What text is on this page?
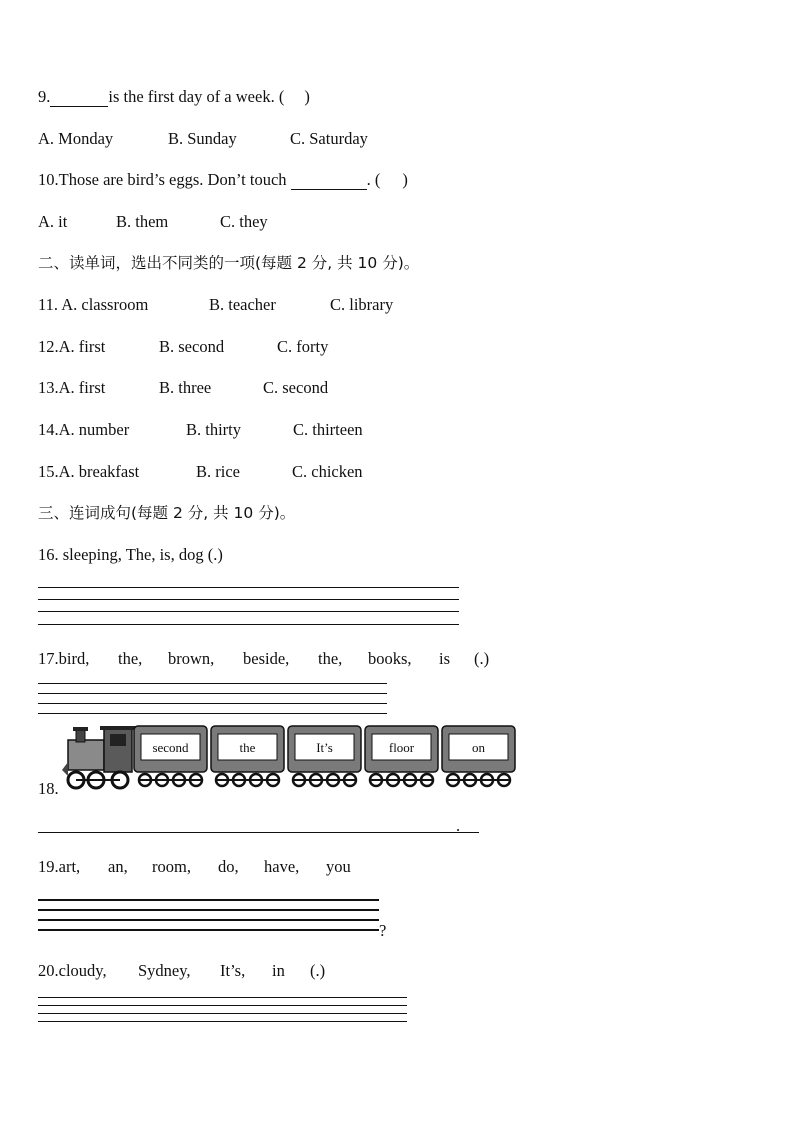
9.	is the first day of a week. ( )
A. Monday	B. Sunday	C. Saturday
10.Those are bird’s eggs. Don’t touch	. ( )
A. it	B. them	C. they
二、读单词，选出不同类的一项(每题 2 分, 共 10 分)。
11. A. classroom	B. teacher	C. library
12.A. first	B. second	C. forty
13.A. first	B. three	C. second
14.A. number	B. thirty	C. thirteen
15.A. breakfast	B. rice	C. chicken
三、连词成句(每题 2 分, 共 10 分)。
16. sleeping, The, is, dog (.)
17.bird, the, brown, beside, the, books, is (.)
second	the	It’s	floor	on
18.
.
19.art, an, room, do, have, you
?
20.cloudy, Sydney, It’s, in (.)
